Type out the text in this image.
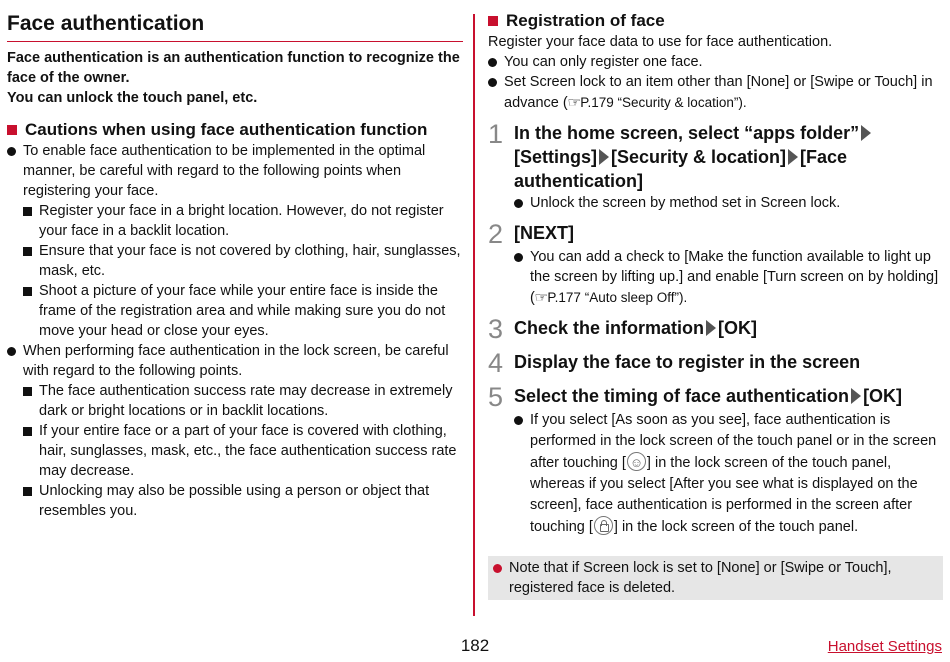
Face authentication
Face authentication is an authentication function to recognize the face of the owner.
You can unlock the touch panel, etc.
Cautions when using face authentication function
To enable face authentication to be implemented in the optimal manner, be careful with regard to the following points when registering your face.
Register your face in a bright location. However, do not register your face in a backlit location.
Ensure that your face is not covered by clothing, hair, sunglasses, mask, etc.
Shoot a picture of your face while your entire face is inside the frame of the registration area and while making sure you do not move your head or close your eyes.
When performing face authentication in the lock screen, be careful with regard to the following points.
The face authentication success rate may decrease in extremely dark or bright locations or in backlit locations.
If your entire face or a part of your face is covered with clothing, hair, sunglasses, mask, etc., the face authentication success rate may decrease.
Unlocking may also be possible using a person or object that resembles you.
Registration of face
Register your face data to use for face authentication.
You can only register one face.
Set Screen lock to an item other than [None] or [Swipe or Touch] in advance (☞P.179 “Security & location”).
1 In the home screen, select “apps folder”[Settings] [Security & location] [Face authentication]
Unlock the screen by method set in Screen lock.
2 [NEXT]
You can add a check to [Make the function available to light up the screen by lifting up.] and enable [Turn screen on by holding] (☞P.177 “Auto sleep Off”).
3 Check the information [OK]
4 Display the face to register in the screen
5 Select the timing of face authentication [OK]
If you select [As soon as you see], face authentication is performed in the lock screen of the touch panel or in the screen after touching [☺ ] in the lock screen of the touch panel, whereas if you select [After you see what is displayed on the screen], face authentication is performed in the screen after touching [ ] in the lock screen of the touch panel.
Note that if Screen lock is set to [None] or [Swipe or Touch], registered face is deleted.
182	Handset Settings
